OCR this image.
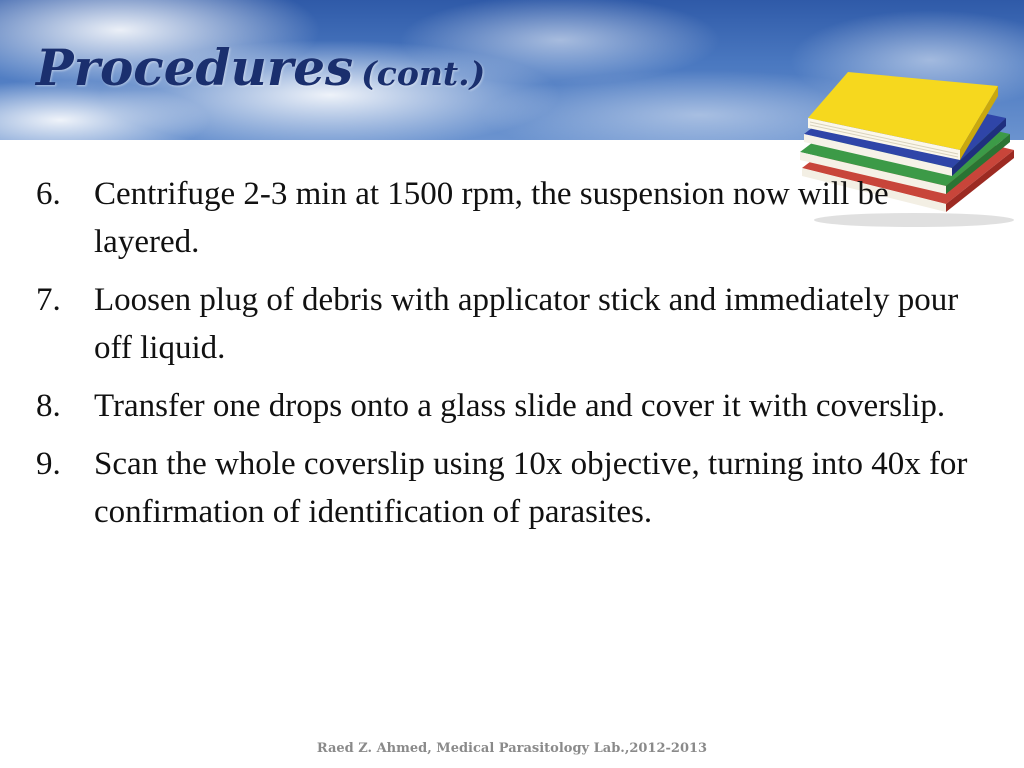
Procedures (cont.)
6. Centrifuge 2-3 min at 1500 rpm, the suspension now will be layered.
7. Loosen plug of debris with applicator stick and immediately pour off liquid.
8. Transfer one drops onto a glass slide and cover it with coverslip.
9. Scan the whole coverslip using 10x objective, turning into 40x for confirmation of identification of parasites.
Raed Z. Ahmed, Medical Parasitology Lab.,2012-2013
